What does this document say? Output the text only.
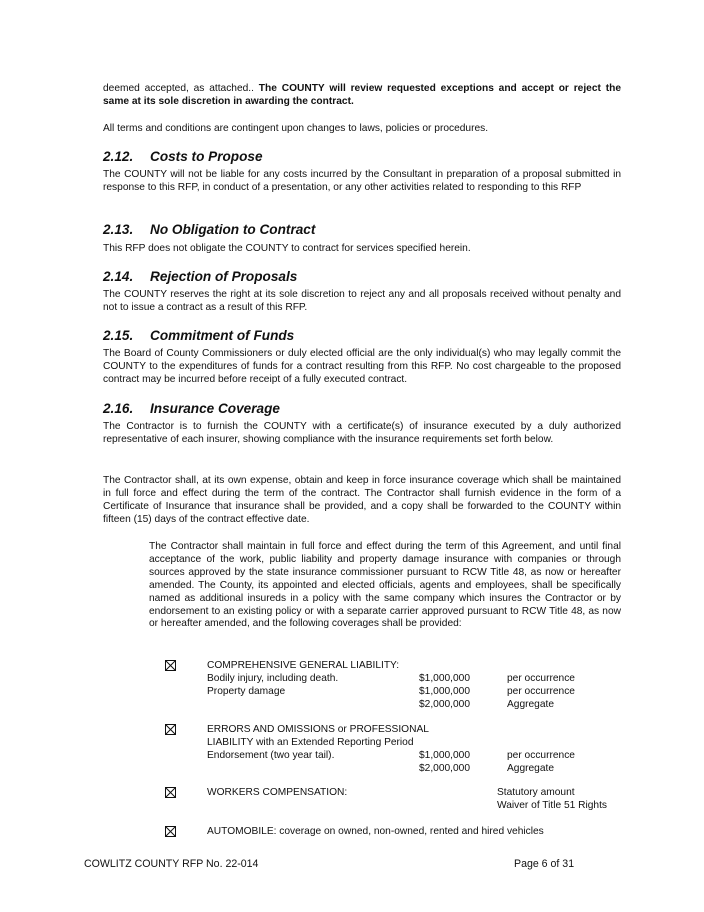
deemed accepted, as attached.. The COUNTY will review requested exceptions and accept or reject the same at its sole discretion in awarding the contract.

All terms and conditions are contingent upon changes to laws, policies or procedures.

2.12. Costs to Propose

The COUNTY will not be liable for any costs incurred by the Consultant in preparation of a proposal submitted in response to this RFP, in conduct of a presentation, or any other activities related to responding to this RFP

2.13. No Obligation to Contract

This RFP does not obligate the COUNTY to contract for services specified herein.

2.14. Rejection of Proposals

The COUNTY reserves the right at its sole discretion to reject any and all proposals received without penalty and not to issue a contract as a result of this RFP.

2.15. Commitment of Funds

The Board of County Commissioners or duly elected official are the only individual(s) who may legally commit the COUNTY to the expenditures of funds for a contract resulting from this RFP. No cost chargeable to the proposed contract may be incurred before receipt of a fully executed contract.

2.16. Insurance Coverage

The Contractor is to furnish the COUNTY with a certificate(s) of insurance executed by a duly authorized representative of each insurer, showing compliance with the insurance requirements set forth below.

The Contractor shall, at its own expense, obtain and keep in force insurance coverage which shall be maintained in full force and effect during the term of the contract. The Contractor shall furnish evidence in the form of a Certificate of Insurance that insurance shall be provided, and a copy shall be forwarded to the COUNTY within fifteen (15) days of the contract effective date.

The Contractor shall maintain in full force and effect during the term of this Agreement, and until final acceptance of the work, public liability and property damage insurance with companies or through sources approved by the state insurance commissioner pursuant to RCW Title 48, as now or hereafter amended. The County, its appointed and elected officials, agents and employees, shall be specifically named as additional insureds in a policy with the same company which insures the Contractor or by endorsement to an existing policy or with a separate carrier approved pursuant to RCW Title 48, as now or hereafter amended, and the following coverages shall be provided:

COMPREHENSIVE GENERAL LIABILITY:
Bodily injury, including death.	$1,000,000	per occurrence
Property damage	$1,000,000	per occurrence
$2,000,000	Aggregate
ERRORS AND OMISSIONS or PROFESSIONAL
LIABILITY with an Extended Reporting Period
Endorsement (two year tail).	$1,000,000	per occurrence
$2,000,000	Aggregate
WORKERS COMPENSATION:	Statutory amount
Waiver of Title 51 Rights
AUTOMOBILE: coverage on owned, non-owned, rented and hired vehicles
COWLITZ COUNTY RFP No. 22-014	Page 6 of 31
